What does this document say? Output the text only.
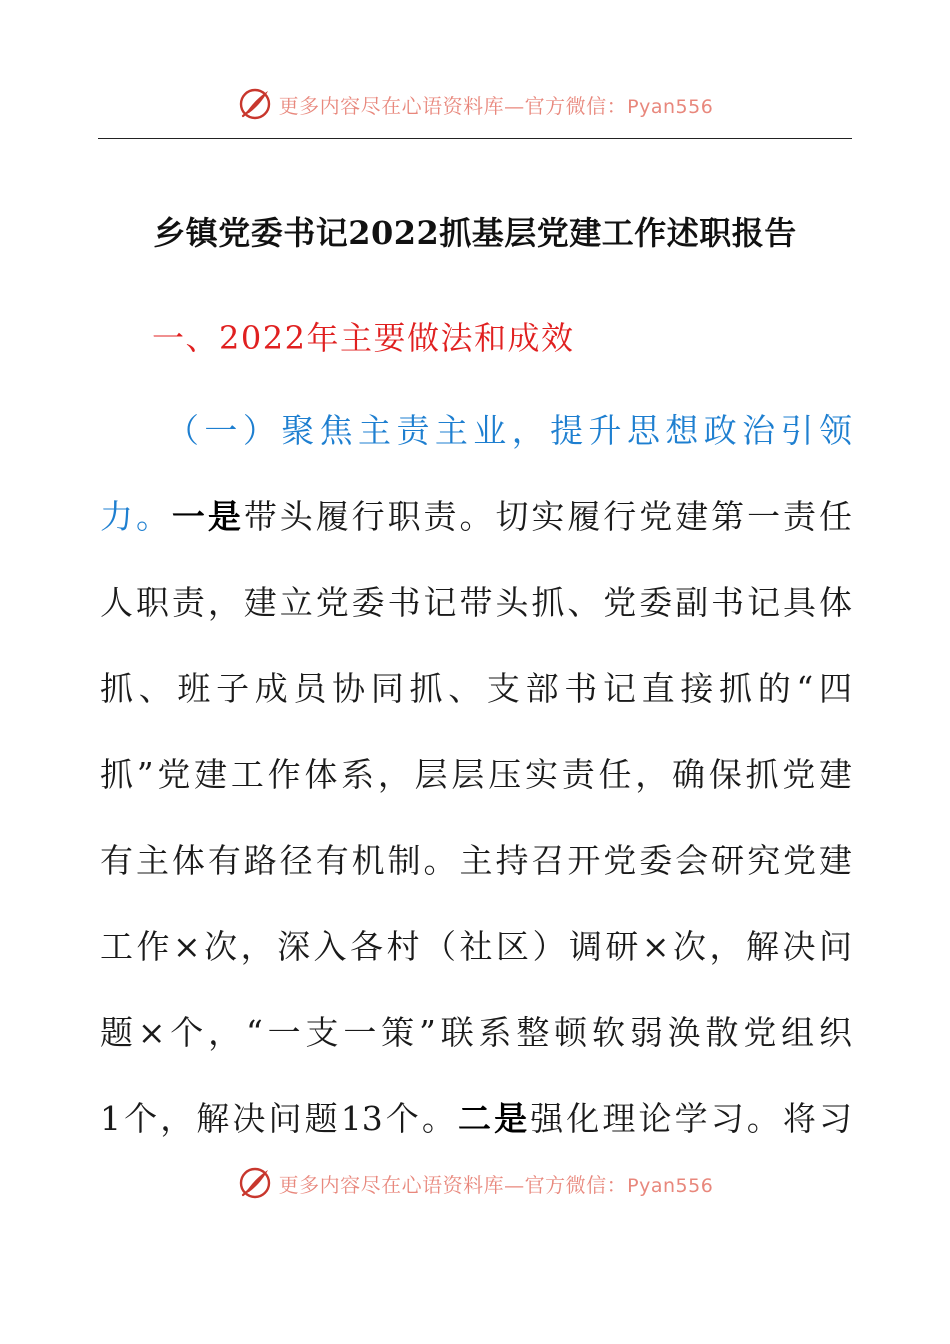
更多内容尽在心语资料库—官方微信：Pyan556
乡镇党委书记2022抓基层党建工作述职报告
一、2022年主要做法和成效
（一）聚焦主责主业，提升思想政治引领
力。一是带头履行职责。切实履行党建第一责任
人职责，建立党委书记带头抓、党委副书记具体
抓、班子成员协同抓、支部书记直接抓的“四
抓”党建工作体系，层层压实责任，确保抓党建
有主体有路径有机制。主持召开党委会研究党建
工作×次，深入各村（社区）调研×次，解决问
题×个，“一支一策”联系整顿软弱涣散党组织
1个，解决问题13个。二是强化理论学习。将习
更多内容尽在心语资料库—官方微信：Pyan556
